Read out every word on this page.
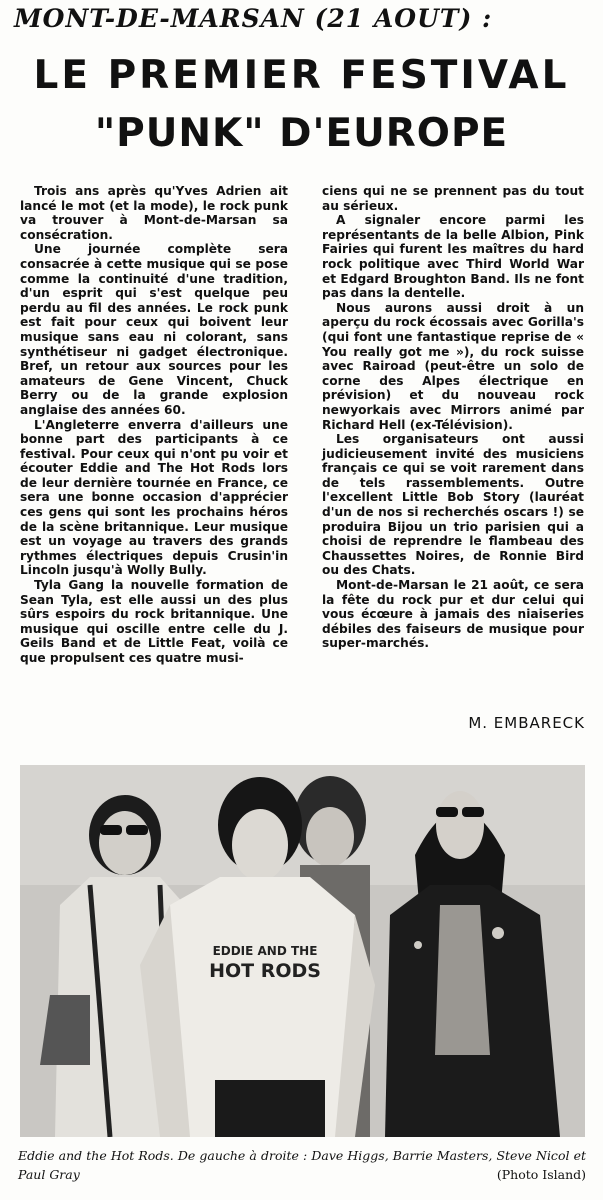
MONT-DE-MARSAN (21 AOUT) :
LE PREMIER FESTIVAL
"PUNK" D'EUROPE

Trois ans après qu'Yves Adrien ait lancé le mot (et la mode), le rock punk va trouver à Mont-de-Marsan sa consécration.

Une journée complète sera consacrée à cette musique qui se pose comme la continuité d'une tradition, d'un esprit qui s'est quelque peu perdu au fil des années. Le rock punk est fait pour ceux qui boivent leur musique sans eau ni colorant, sans synthétiseur ni gadget électronique. Bref, un retour aux sources pour les amateurs de Gene Vincent, Chuck Berry ou de la grande explosion anglaise des années 60.

L'Angleterre enverra d'ailleurs une bonne part des participants à ce festival. Pour ceux qui n'ont pu voir et écouter Eddie and The Hot Rods lors de leur dernière tournée en France, ce sera une bonne occasion d'apprécier ces gens qui sont les prochains héros de la scène britannique. Leur musique est un voyage au travers des grands rythmes électriques depuis Crusin'in Lincoln jusqu'à Wolly Bully.

Tyla Gang la nouvelle formation de Sean Tyla, est elle aussi un des plus sûrs espoirs du rock britannique. Une musique qui oscille entre celle du J. Geils Band et de Little Feat, voilà ce que propulsent ces quatre musi-

ciens qui ne se prennent pas du tout au sérieux.

A signaler encore parmi les représentants de la belle Albion, Pink Fairies qui furent les maîtres du hard rock politique avec Third World War et Edgard Broughton Band. Ils ne font pas dans la dentelle.

Nous aurons aussi droit à un aperçu du rock écossais avec Gorilla's (qui font une fantastique reprise de « You really got me »), du rock suisse avec Rairoad (peut-être un solo de corne des Alpes électrique en prévision) et du nouveau rock newyorkais avec Mirrors animé par Richard Hell (ex-Télévision).

Les organisateurs ont aussi judicieusement invité des musiciens français ce qui se voit rarement dans de tels rassemblements. Outre l'excellent Little Bob Story (lauréat d'un de nos si recherchés oscars !) se produira Bijou un trio parisien qui a choisi de reprendre le flambeau des Chaussettes Noires, de Ronnie Bird ou des Chats.

Mont-de-Marsan le 21 août, ce sera la fête du rock pur et dur celui qui vous écœure à jamais des niaiseries débiles des faiseurs de musique pour super-marchés.

M. EMBARECK
EDDIE AND THE
HOT RODS
Eddie and the Hot Rods. De gauche à droite : Dave Higgs, Barrie Masters, Steve Nicol et Paul Gray	(Photo Island)
